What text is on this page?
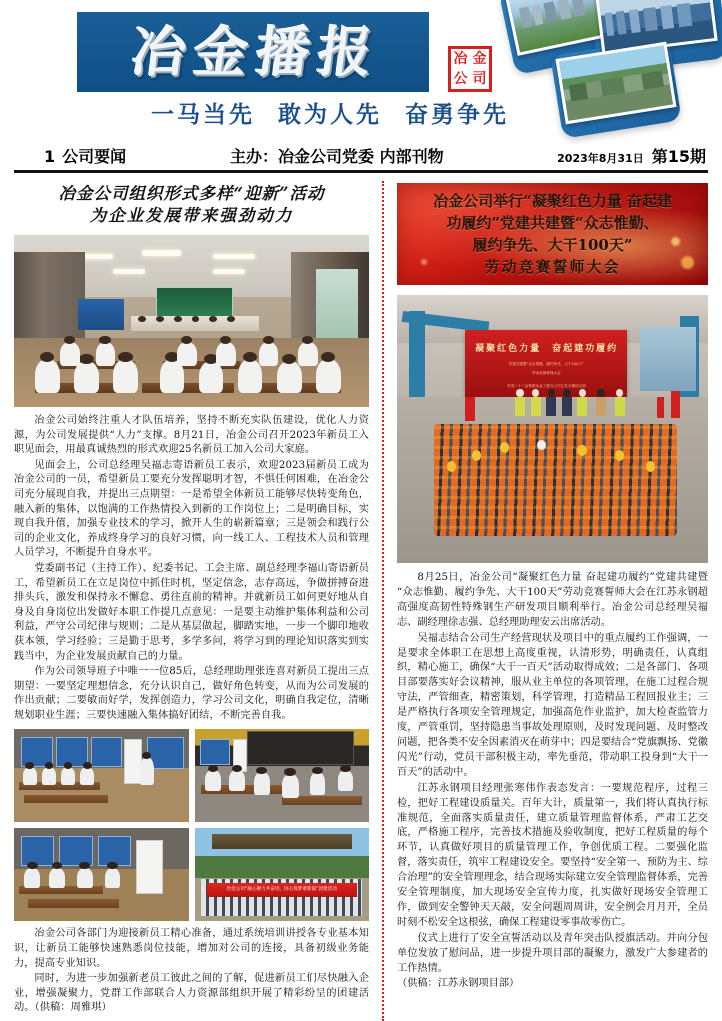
冶金播报	冶 金
公 司
一马当先 敢为人先 奋勇争先
1 公司要闻	主办：冶金公司党委 内部刊物	2023年8月31日 第15期
冶金公司组织形式多样“迎新”活动
为企业发展带来强劲动力

冶金公司始终注重人才队伍培养，坚持不断充实队伍建设，优化人力资源，为公司发展提供“人力”支撑。8月21日，冶金公司召开2023年新员工入职见面会，用最真诚热烈的形式欢迎25名新员工加入公司大家庭。

见面会上，公司总经理吴福志寄语新员工表示，欢迎2023届新员工成为冶金公司的一员，希望新员工要充分发挥聪明才智，不惧任何困难，在冶金公司充分展现自我，并提出三点期望：一是希望全体新员工能够尽快转变角色，融入新的集体，以饱满的工作热情投入到新的工作岗位上；二是明确目标，实现自我升值，加强专业技术的学习，掀开人生的崭新篇章；三是领会和践行公司的企业文化，养成终身学习的良好习惯，向一线工人、工程技术人员和管理人员学习，不断提升自身水平。

党委副书记（主持工作）、纪委书记、工会主席、副总经理李福山寄语新员工，希望新员工在立足岗位中抓住时机，坚定信念，志存高远，争做拼搏奋进排头兵，激发和保持永不懈怠、勇往直前的精神。并就新员工如何更好地从自身及自身岗位出发做好本职工作提几点意见：一是要主动维护集体利益和公司利益，严守公司纪律与规则；二是从基层做起，脚踏实地，一步一个脚印地收获本领，学习经验；三是勤于思考，多学多问，将学习到的理论知识落实到实践当中，为企业发展贡献自己的力量。

作为公司领导班子中唯一一位85后，总经理助理张连喜对新员工提出三点期望：一要坚定理想信念，充分认识自己，做好角色转变，从而为公司发展的作出贡献；二要敏而好学，发挥创造力，学习公司文化，明确自我定位，清晰规划职业生涯；三要快速融入集体搞好团结，不断完善自我。

冶金公司“凝心聚力共奋进、同心筑梦谱新篇”团建活动

冶金公司各部门为迎接新员工精心准备，通过系统培训讲授各专业基本知识，让新员工能够快速熟悉岗位技能，增加对公司的连接，具备初级业务能力，提高专业知识。

同时，为进一步加强新老员工彼此之间的了解，促进新员工们尽快融入企业，增强凝聚力，党群工作部联合人力资源部组织开展了精彩纷呈的团建活动。（供稿：周雅琪）

冶金公司举行“凝聚红色力量 奋起建
功履约”党建共建暨“众志惟勤、
履约争先、大干100天”
劳动竞赛誓师大会
凝聚红色力量　奋起建功履约
党建共建暨“众志惟勤、履约争先、大干100天”
劳动竞赛誓师大会
中国二十二冶集团冶金工程分公司江苏永钢项目部

8月25日，冶金公司“凝聚红色力量 奋起建功履约”党建共建暨“众志惟勤、履约争先、大干100天”劳动竞赛誓师大会在江苏永钢超高强度高韧性特殊钢生产研发项目顺利举行。冶金公司总经理吴福志、副经理徐志强、总经理助理安云出席活动。

吴福志结合公司生产经营现状及项目中的重点履约工作强调，一是要求全体职工在思想上高度重视，认清形势，明确责任，认真组织，精心施工，确保“大干一百天”活动取得成效；二是各部门、各项目部要落实好会议精神，服从业主单位的各项管理，在施工过程合规守法，严管细查，精密策划，科学管理，打造精品工程回报业主；三是严格执行各项安全管理规定，加强高危作业监护，加大检查监管力度，严管重罚，坚持隐患当事故处理原则，及时发现问题、及时整改问题，把各类不安全因素消灭在萌芽中；四是要结合“党旗飘扬、党徽闪光”行动，党员干部积极主动，率先垂范，带动职工投身到“大干一百天”的活动中。

江苏永钢项目经理张寒伟作表态发言：一要规范程序，过程三检，把好工程建设质量关。百年大计，质量第一，我们将认真执行标准规范，全面落实质量责任，建立质量管理监督体系，严肃工艺交底，严格施工程序，完善技术措施及验收制度，把好工程质量的每个环节，认真做好项目的质量管理工作，争创优质工程。二要强化监督，落实责任，筑牢工程建设安全。要坚持“安全第一、预防为主、综合治理”的安全管理理念，结合现场实际建立安全管理监督体系，完善安全管理制度，加大现场安全宣传力度，扎实做好现场安全管理工作，做到安全警钟天天敲，安全问题周周讲，安全例会月月开，全员时刻不松安全这根弦，确保工程建设零事故零伤亡。

仪式上进行了安全宣誓活动以及青年突击队授旗活动。并向分包单位发放了慰问品，进一步提升项目部的凝聚力，激发广大参建者的工作热情。

（供稿：江苏永钢项目部）
